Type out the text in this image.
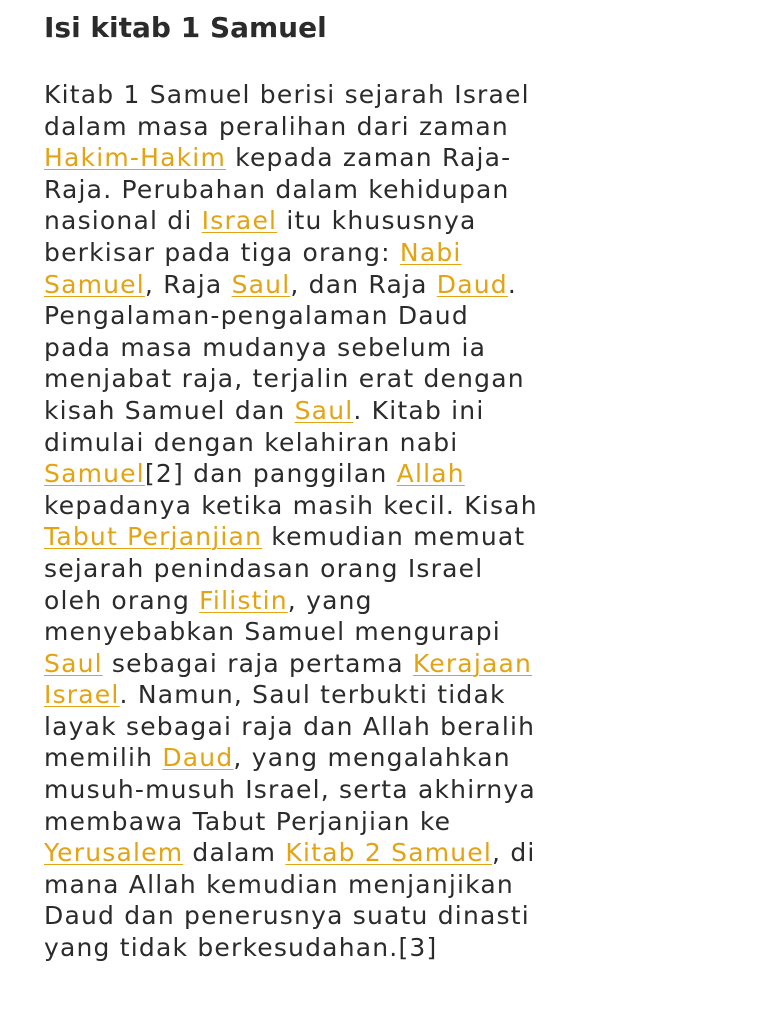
Isi kitab 1 Samuel

Kitab 1 Samuel berisi sejarah Israel
dalam masa peralihan dari zaman
Hakim-Hakim kepada zaman Raja-
Raja. Perubahan dalam kehidupan
nasional di Israel itu khususnya
berkisar pada tiga orang: Nabi
Samuel, Raja Saul, dan Raja Daud.
Pengalaman-pengalaman Daud
pada masa mudanya sebelum ia
menjabat raja, terjalin erat dengan
kisah Samuel dan Saul. Kitab ini
dimulai dengan kelahiran nabi
Samuel[2] dan panggilan Allah
kepadanya ketika masih kecil. Kisah
Tabut Perjanjian kemudian memuat
sejarah penindasan orang Israel
oleh orang Filistin, yang
menyebabkan Samuel mengurapi
Saul sebagai raja pertama Kerajaan
Israel. Namun, Saul terbukti tidak
layak sebagai raja dan Allah beralih
memilih Daud, yang mengalahkan
musuh-musuh Israel, serta akhirnya
membawa Tabut Perjanjian ke
Yerusalem dalam Kitab 2 Samuel, di
mana Allah kemudian menjanjikan
Daud dan penerusnya suatu dinasti
yang tidak berkesudahan.[3]
